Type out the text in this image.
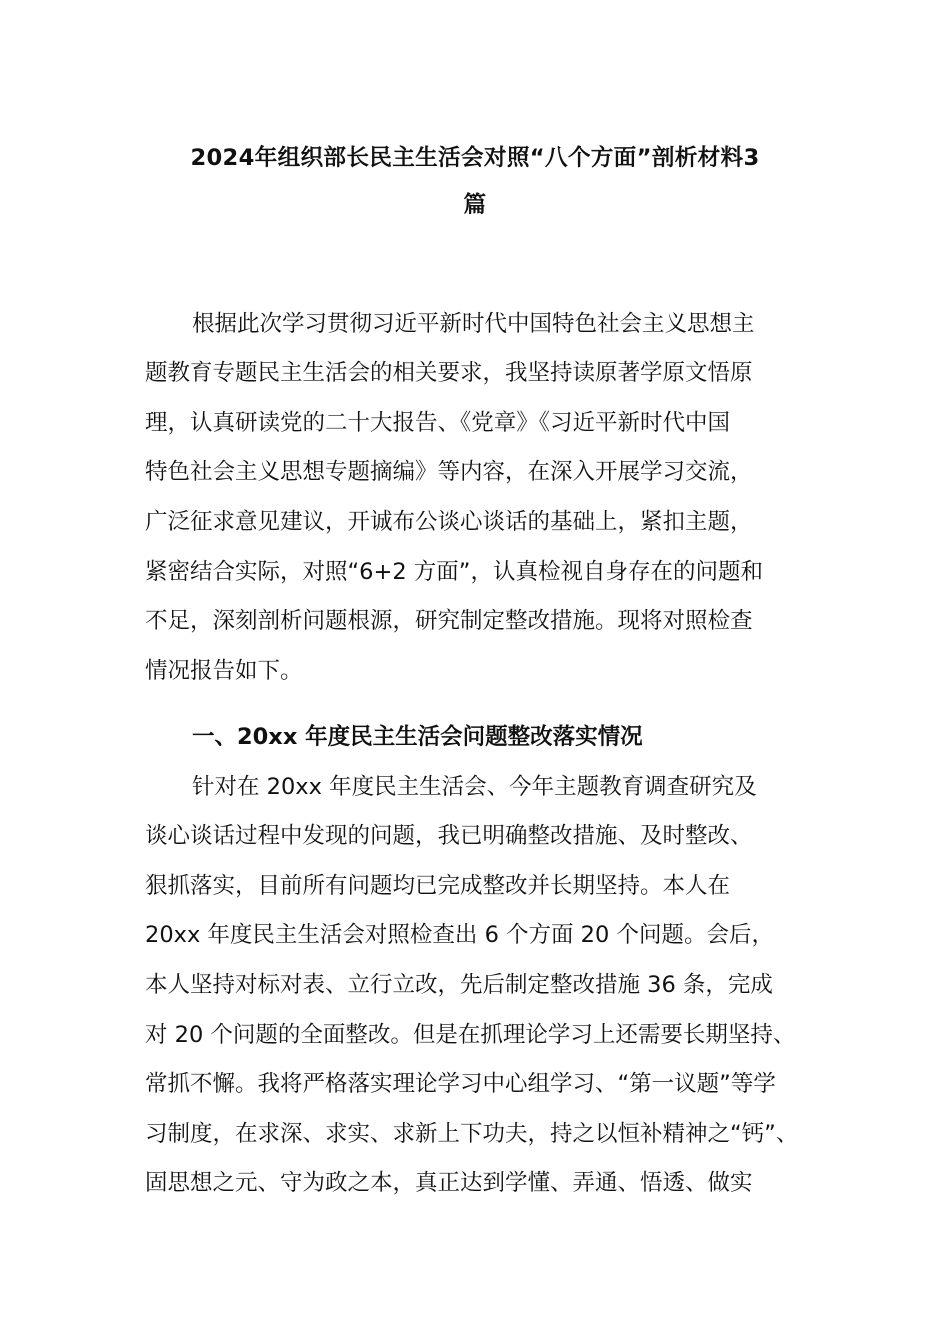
2024年组织部长民主生活会对照“八个方面”剖析材料3
篇
根据此次学习贯彻习近平新时代中国特色社会主义思想主
题教育专题民主生活会的相关要求，我坚持读原著学原文悟原
理，认真研读党的二十大报告、《党章》《习近平新时代中国
特色社会主义思想专题摘编》等内容，在深入开展学习交流，
广泛征求意见建议，开诚布公谈心谈话的基础上，紧扣主题，
紧密结合实际，对照“6+2 方面”，认真检视自身存在的问题和
不足，深刻剖析问题根源，研究制定整改措施。现将对照检查
情况报告如下。
一、20xx 年度民主生活会问题整改落实情况
针对在 20xx 年度民主生活会、今年主题教育调查研究及
谈心谈话过程中发现的问题，我已明确整改措施、及时整改、
狠抓落实，目前所有问题均已完成整改并长期坚持。本人在
20xx 年度民主生活会对照检查出 6 个方面 20 个问题。会后，
本人坚持对标对表、立行立改，先后制定整改措施 36 条，完成
对 20 个问题的全面整改。但是在抓理论学习上还需要长期坚持、
常抓不懈。我将严格落实理论学习中心组学习、“第一议题”等学
习制度，在求深、求实、求新上下功夫，持之以恒补精神之“钙”、
固思想之元、守为政之本，真正达到学懂、弄通、悟透、做实
